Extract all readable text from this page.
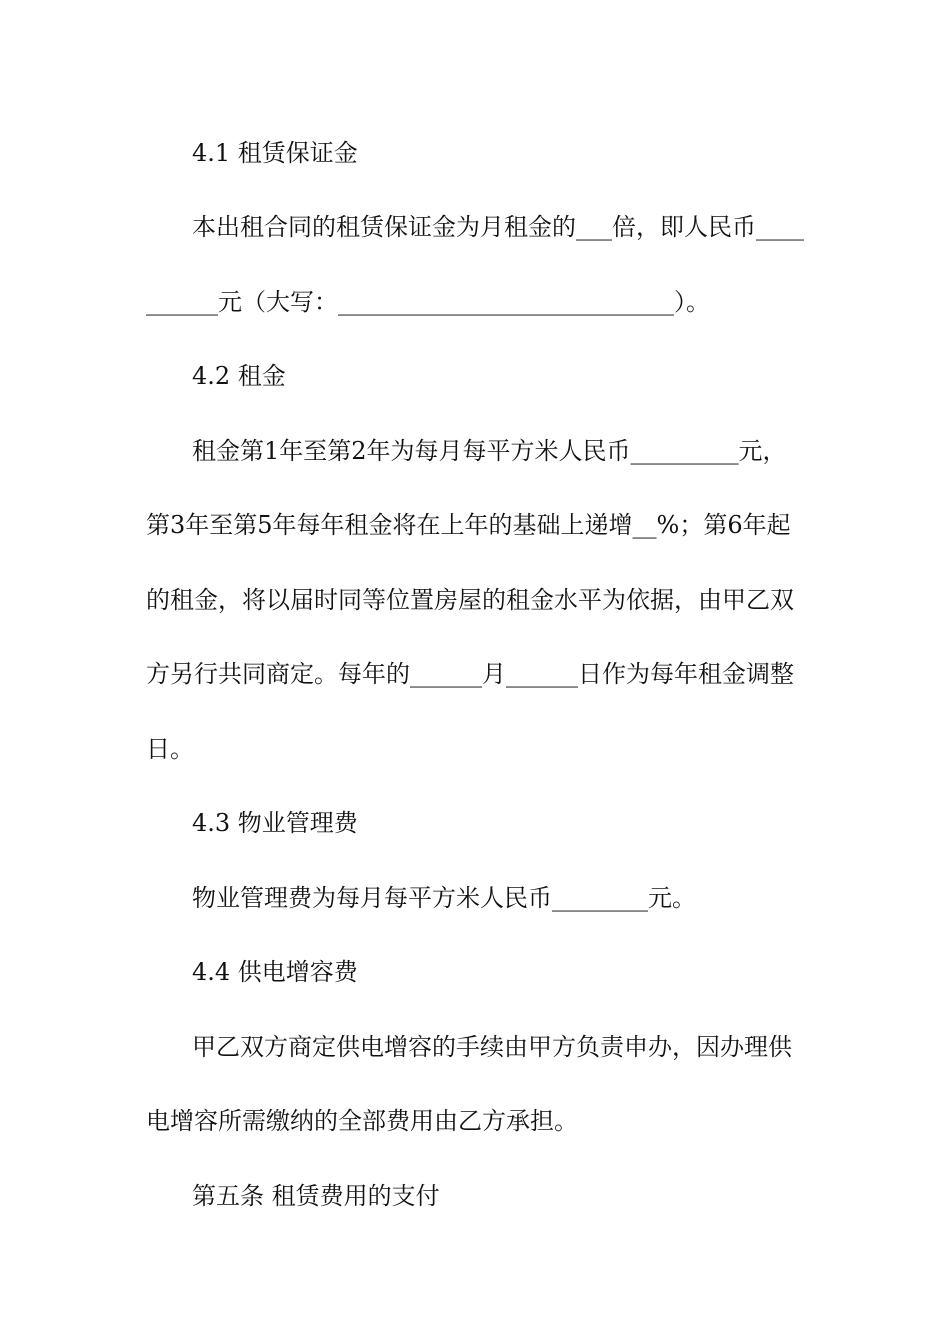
4.1 租赁保证金
本出租合同的租赁保证金为月租金的___倍，即人民币____
______元（大写：____________________________）。
4.2 租金
租金第1年至第2年为每月每平方米人民币_________元，
第3年至第5年每年租金将在上年的基础上递增__%；第6年起
的租金，将以届时同等位置房屋的租金水平为依据，由甲乙双
方另行共同商定。每年的______月______日作为每年租金调整
日。
4.3 物业管理费
物业管理费为每月每平方米人民币________元。
4.4 供电增容费
甲乙双方商定供电增容的手续由甲方负责申办，因办理供
电增容所需缴纳的全部费用由乙方承担。
第五条 租赁费用的支付
